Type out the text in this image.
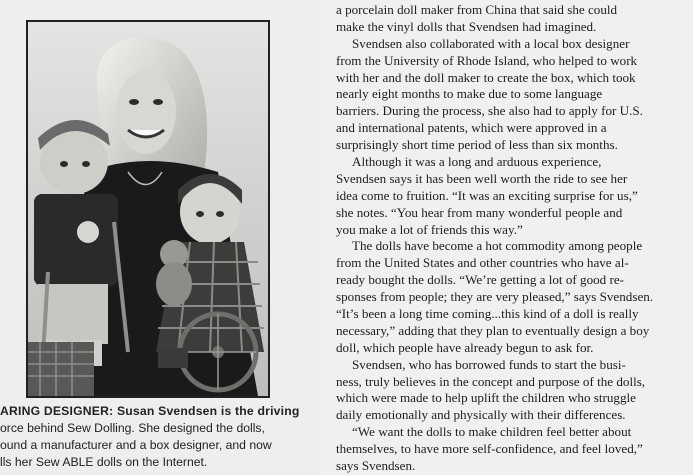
ARING DESIGNER: Susan Svendsen is the driving
orce behind Sew Dolling. She designed the dolls,
ound a manufacturer and a box designer, and now
lls her Sew ABLE dolls on the Internet.
a porcelain doll maker from China that said she could
make the vinyl dolls that Svendsen had imagined.
Svendsen also collaborated with a local box designer
from the University of Rhode Island, who helped to work
with her and the doll maker to create the box, which took
nearly eight months to make due to some language
barriers. During the process, she also had to apply for U.S.
and international patents, which were approved in a
surprisingly short time period of less than six months.
Although it was a long and arduous experience,
Svendsen says it has been well worth the ride to see her
idea come to fruition. “It was an exciting surprise for us,”
she notes. “You hear from many wonderful people and
you make a lot of friends this way.”
The dolls have become a hot commodity among people
from the United States and other countries who have al-
ready bought the dolls. “We’re getting a lot of good re-
sponses from people; they are very pleased,” says Svendsen.
“It’s been a long time coming...this kind of a doll is really
necessary,” adding that they plan to eventually design a boy
doll, which people have already begun to ask for.
Svendsen, who has borrowed funds to start the busi-
ness, truly believes in the concept and purpose of the dolls,
which were made to help uplift the children who struggle
daily emotionally and physically with their differences.
“We want the dolls to make children feel better about
themselves, to have more self-confidence, and feel loved,”
says Svendsen.
